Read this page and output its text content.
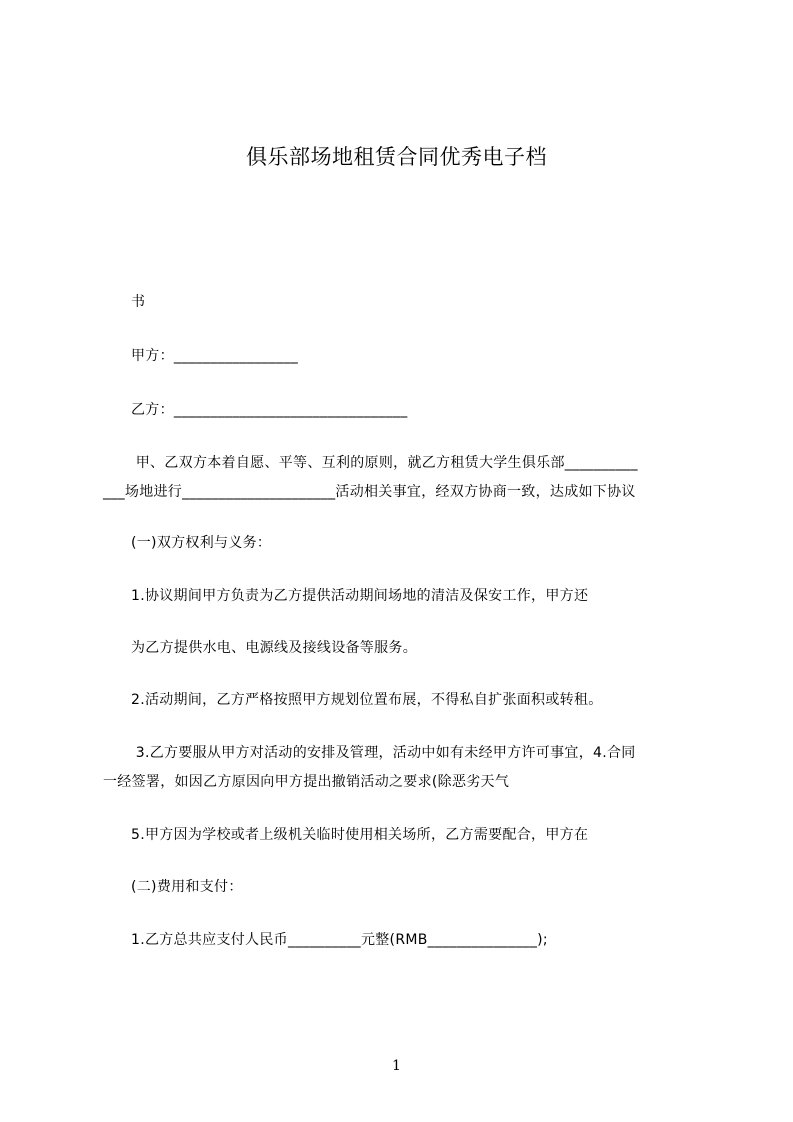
俱乐部场地租赁合同优秀电子档
书
甲方：_________________
乙方：________________________________
甲、乙双方本着自愿、平等、互利的原则，就乙方租赁大学生俱乐部__________
___场地进行_____________________活动相关事宜，经双方协商一致，达成如下协议
(一)双方权利与义务：
1.协议期间甲方负责为乙方提供活动期间场地的清洁及保安工作，甲方还
为乙方提供水电、电源线及接线设备等服务。
2.活动期间，乙方严格按照甲方规划位置布展，不得私自扩张面积或转租。
3.乙方要服从甲方对活动的安排及管理，活动中如有未经甲方许可事宜，4.合同
一经签署，如因乙方原因向甲方提出撤销活动之要求(除恶劣天气
5.甲方因为学校或者上级机关临时使用相关场所，乙方需要配合，甲方在
(二)费用和支付：
1.乙方总共应支付人民币__________元整(RMB_______________);
1
